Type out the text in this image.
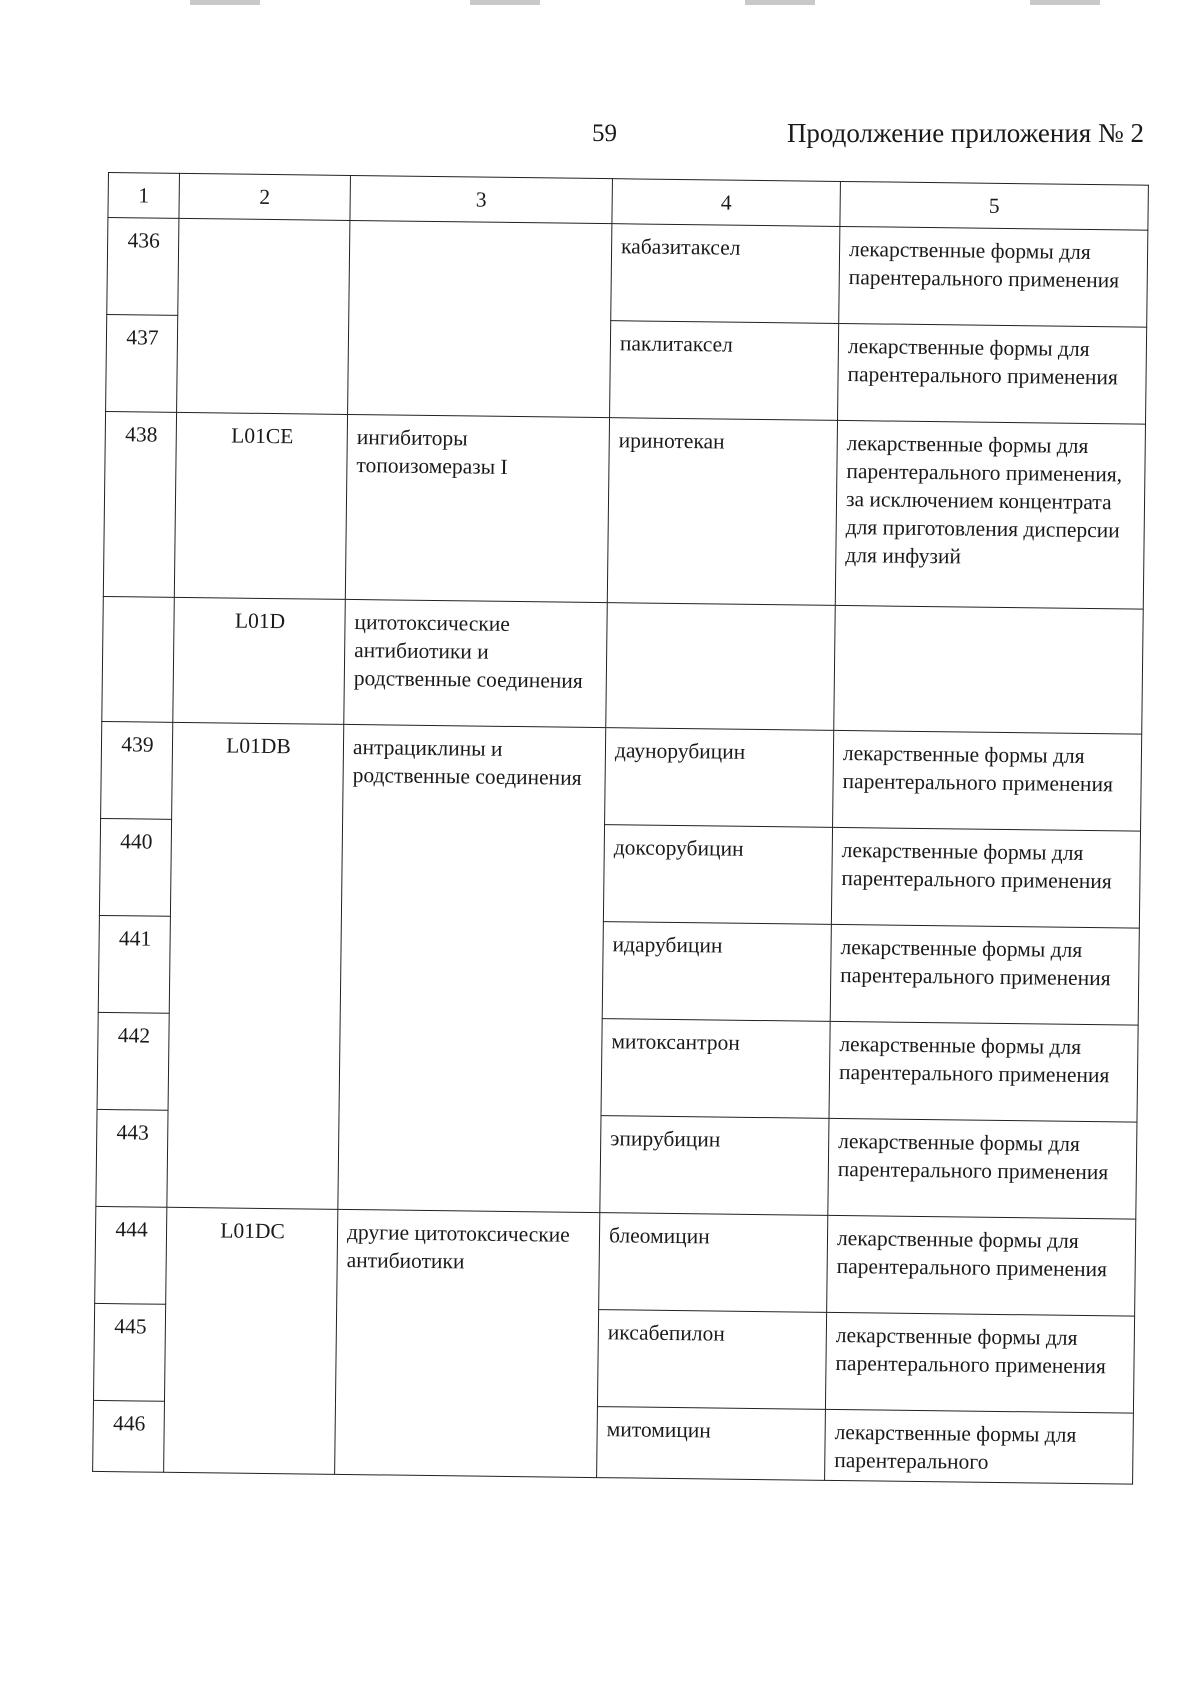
59	Продолжение приложения № 2
1	2	3	4	5
436			кабазитаксел	лекарственные формы для парентерального применения
437			паклитаксел	лекарственные формы для парентерального применения
438	L01CE	ингибиторы топоизомеразы I	иринотекан	лекарственные формы для парентерального применения, за исключением концентрата для приготовления дисперсии для инфузий
	L01D	цитотоксические антибиотики и родственные соединения		
439	L01DB	антрациклины и родственные соединения	даунорубицин	лекарственные формы для парентерального применения
440			доксорубицин	лекарственные формы для парентерального применения
441			идарубицин	лекарственные формы для парентерального применения
442			митоксантрон	лекарственные формы для парентерального применения
443			эпирубицин	лекарственные формы для парентерального применения
444	L01DC	другие цитотоксические антибиотики	блеомицин	лекарственные формы для парентерального применения
445			иксабепилон	лекарственные формы для парентерального применения
446			митомицин	лекарственные формы для парентерального
